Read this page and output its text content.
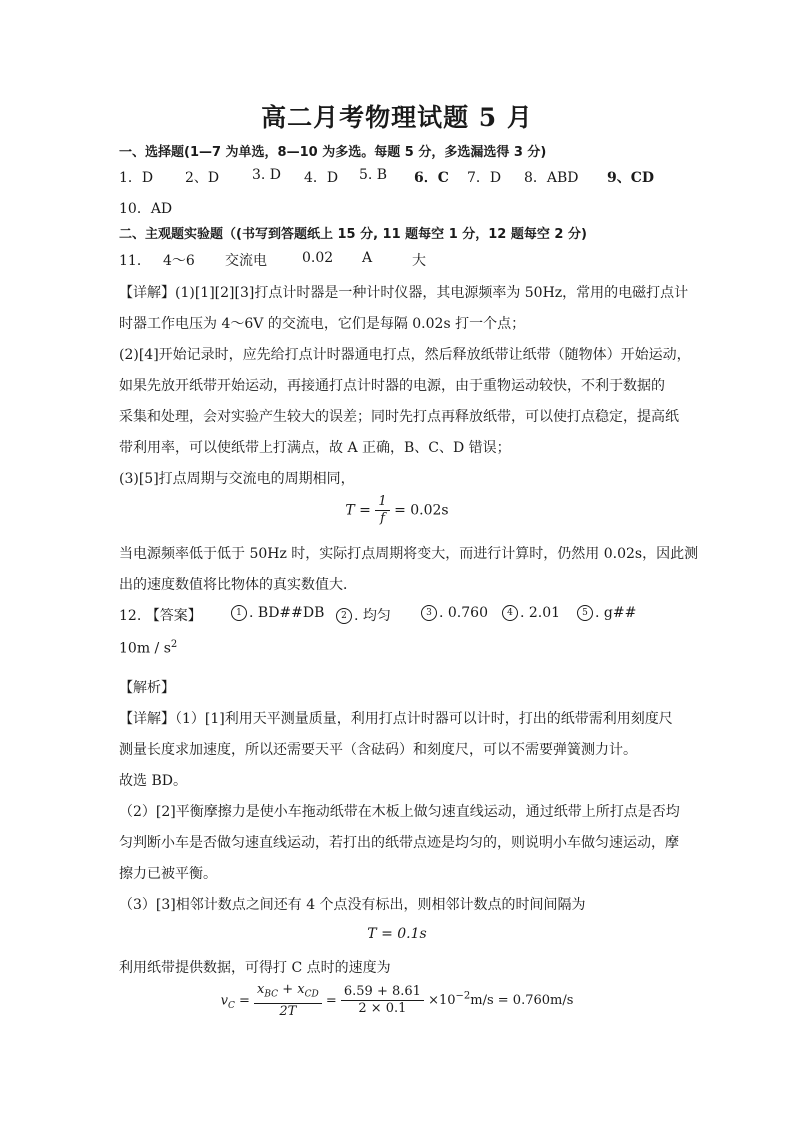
高二月考物理试题 5 月
一、选择题(1—7 为单选，8—10 为多选。每题 5 分，多选漏选得 3 分)
1．D 2、D 3. D 4．D 5. B 6．C 7．D 8．ABD 9、CD
10．AD
二、主观题实验题（(书写到答题纸上 15 分, 11 题每空 1 分，12 题每空 2 分)
11． 4～6 交流电	0.02 A	大
【详解】(1)[1][2][3]打点计时器是一种计时仪器，其电源频率为 50Hz，常用的电磁打点计
时器工作电压为 4～6V 的交流电，它们是每隔 0.02s 打一个点；
(2)[4]开始记录时，应先给打点计时器通电打点，然后释放纸带让纸带（随物体）开始运动，
如果先放开纸带开始运动，再接通打点计时器的电源，由于重物运动较快，不利于数据的
采集和处理，会对实验产生较大的误差；同时先打点再释放纸带，可以使打点稳定，提高纸
带利用率，可以使纸带上打满点，故 A 正确，B、C、D 错误；
(3)[5]打点周期与交流电的周期相同，
$T = \frac{1}{f} = 0.02s$
当电源频率低于低于 50Hz 时，实际打点周期将变大，而进行计算时，仍然用 0.02s，因此测
出的速度数值将比物体的真实数值大．
12. 【答案】	1 . BD##DB	2 . 均匀	3 . 0.760	4 . 2.01	5 . g##
$10m / s^2$
【解析】
【详解】（1）[1]利用天平测量质量，利用打点计时器可以计时，打出的纸带需利用刻度尺
测量长度求加速度，所以还需要天平（含砝码）和刻度尺，可以不需要弹簧测力计。
故选 BD。
（2）[2]平衡摩擦力是使小车拖动纸带在木板上做匀速直线运动，通过纸带上所打点是否均
匀判断小车是否做匀速直线运动，若打出的纸带点迹是均匀的，则说明小车做匀速运动，摩
擦力已被平衡。
（3）[3]相邻计数点之间还有 4 个点没有标出，则相邻计数点的时间间隔为
T = 0.1s
利用纸带提供数据，可得打 C 点时的速度为
$v_C = \frac{x_{BC} + x_{CD}}{2T} = \frac{6.59 + 8.61}{2 \times 0.1} \times 10^{-2}m/s = 0.760m/s$
